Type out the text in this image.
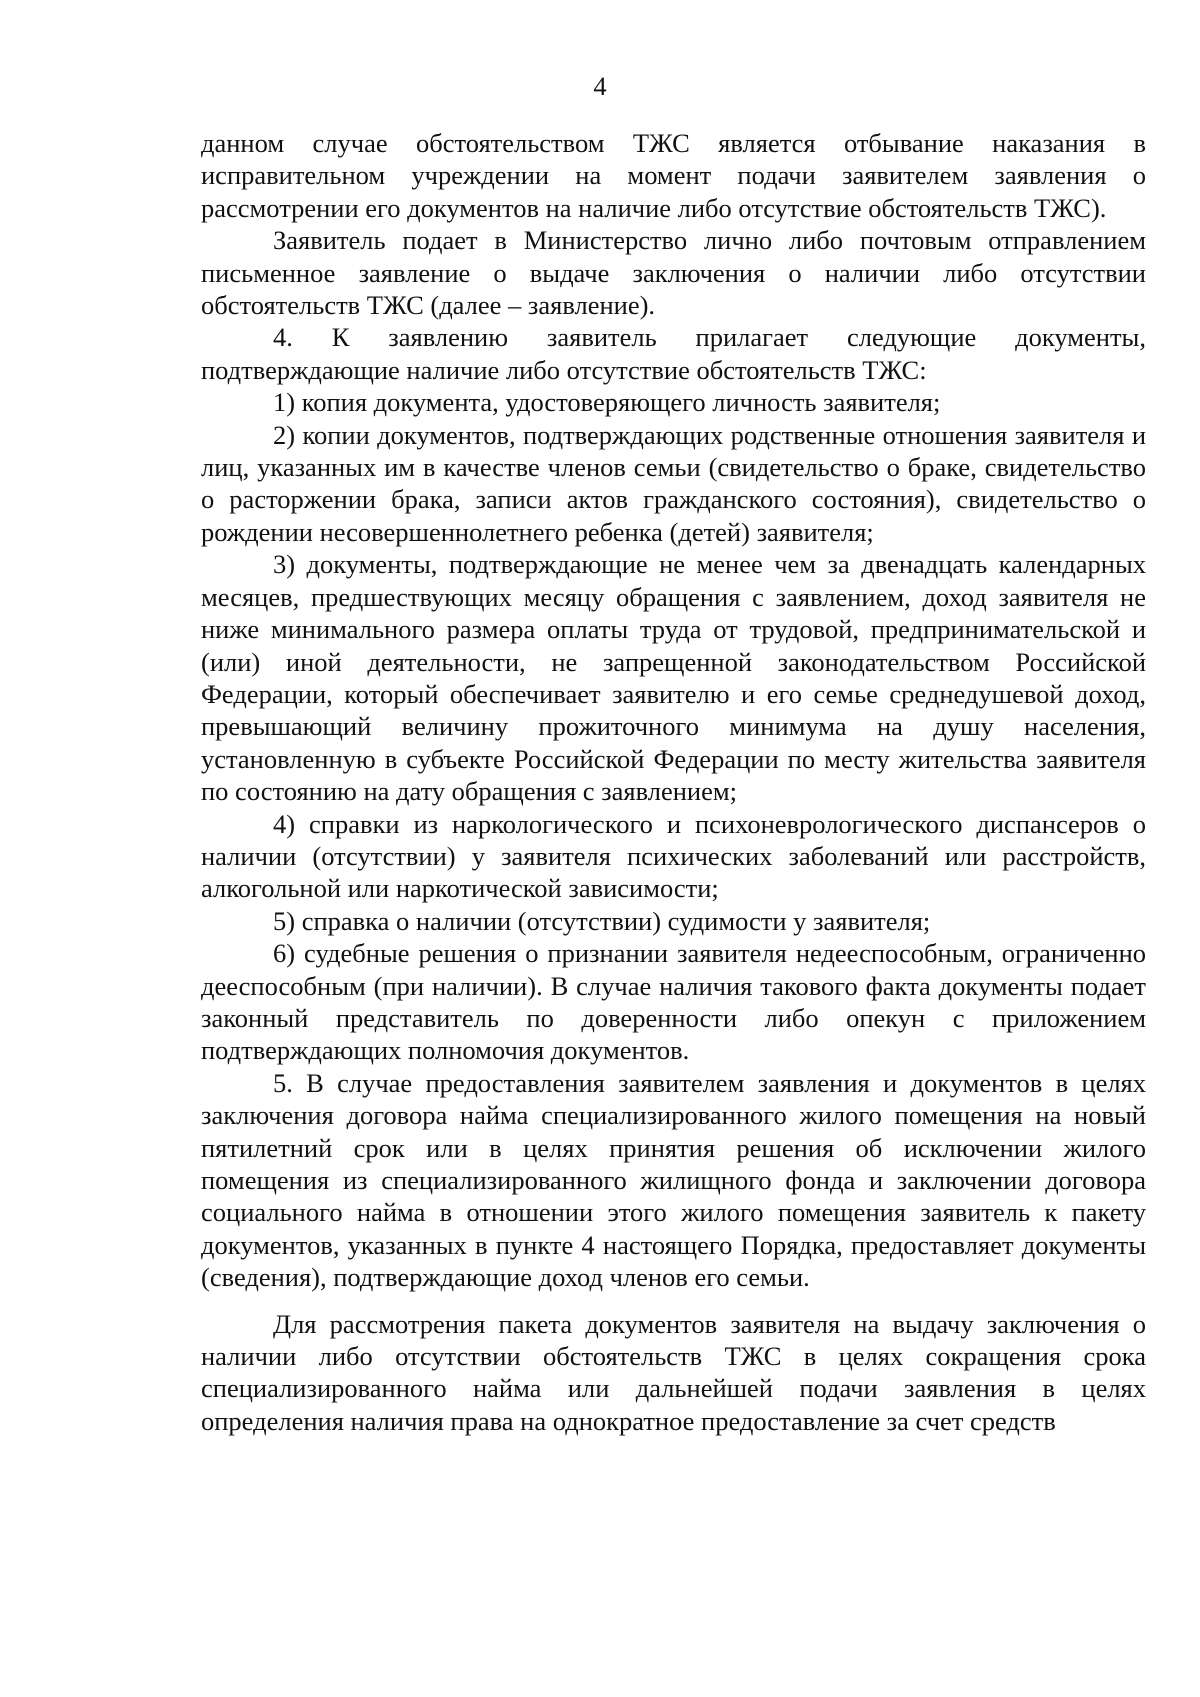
4

данном случае обстоятельством ТЖС является отбывание наказания в исправительном учреждении на момент подачи заявителем заявления о рассмотрении его документов на наличие либо отсутствие обстоятельств ТЖС).

Заявитель подает в Министерство лично либо почтовым отправлением письменное заявление о выдаче заключения о наличии либо отсутствии обстоятельств ТЖС (далее – заявление).

4. К заявлению заявитель прилагает следующие документы, подтверждающие наличие либо отсутствие обстоятельств ТЖС:

1) копия документа, удостоверяющего личность заявителя;

2) копии документов, подтверждающих родственные отношения заявителя и лиц, указанных им в качестве членов семьи (свидетельство о браке, свидетельство о расторжении брака, записи актов гражданского состояния), свидетельство о рождении несовершеннолетнего ребенка (детей) заявителя;

3) документы, подтверждающие не менее чем за двенадцать календарных месяцев, предшествующих месяцу обращения с заявлением, доход заявителя не ниже минимального размера оплаты труда от трудовой, предпринимательской и (или) иной деятельности, не запрещенной законодательством Российской Федерации, который обеспечивает заявителю и его семье среднедушевой доход, превышающий величину прожиточного минимума на душу населения, установленную в субъекте Российской Федерации по месту жительства заявителя по состоянию на дату обращения с заявлением;

4) справки из наркологического и психоневрологического диспансеров о наличии (отсутствии) у заявителя психических заболеваний или расстройств, алкогольной или наркотической зависимости;

5) справка о наличии (отсутствии) судимости у заявителя;

6) судебные решения о признании заявителя недееспособным, ограниченно дееспособным (при наличии). В случае наличия такового факта документы подает законный представитель по доверенности либо опекун с приложением подтверждающих полномочия документов.

5. В случае предоставления заявителем заявления и документов в целях заключения договора найма специализированного жилого помещения на новый пятилетний срок или в целях принятия решения об исключении жилого помещения из специализированного жилищного фонда и заключении договора социального найма в отношении этого жилого помещения заявитель к пакету документов, указанных в пункте 4 настоящего Порядка, предоставляет документы (сведения), подтверждающие доход членов его семьи.

Для рассмотрения пакета документов заявителя на выдачу заключения о наличии либо отсутствии обстоятельств ТЖС в целях сокращения срока специализированного найма или дальнейшей подачи заявления в целях определения наличия права на однократное предоставление за счет средств
